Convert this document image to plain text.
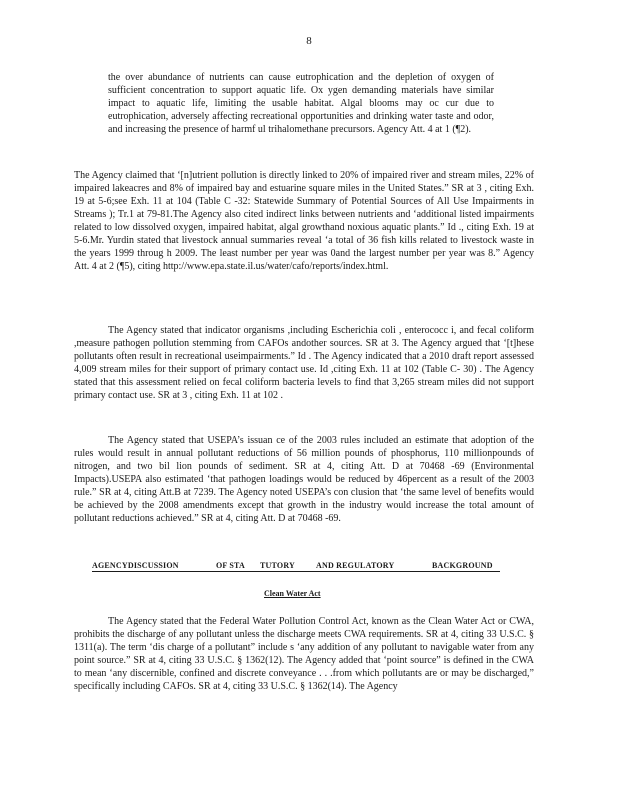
8

the over abundance of nutrients can cause eutrophication and the depletion of oxygen of sufficient concentration to support aquatic life. Ox ygen demanding materials have similar impact to aquatic life, limiting the usable habitat. Algal blooms may oc cur due to eutrophication, adversely affecting recreational opportunities and drinking water taste and odor, and increasing the presence of harmf ul trihalomethane precursors. Agency Att. 4 at 1 (¶2).

The Agency claimed that ‘[n]utrient pollution is directly linked to 20% of impaired river and stream miles, 22% of impaired lakeacres and 8% of impaired bay and estuarine square miles in the United States.” SR at 3 , citing Exh. 19 at 5-6;see Exh. 11 at 104 (Table C -32: Statewide Summary of Potential Sources of All Use Impairments in Streams ); Tr.1 at 79-81.The Agency also cited indirect links between nutrients and ‘additional listed impairments related to low dissolved oxygen, impaired habitat, algal growthand noxious aquatic plants.” Id ., citing Exh. 19 at 5-6.Mr. Yurdin stated that livestock annual summaries reveal ‘a total of 36 fish kills related to livestock waste in the years 1999 throug h 2009. The least number per year was 0and the largest number per year was 8.” Agency Att. 4 at 2 (¶5), citing http://www.epa.state.il.us/water/cafo/reports/index.html.

The Agency stated that indicator organisms ,including Escherichia coli , enterococc i, and fecal coliform ,measure pathogen pollution stemming from CAFOs andother sources. SR at 3. The Agency argued that ‘[t]hese pollutants often result in recreational useimpairments.” Id . The Agency indicated that a 2010 draft report assessed 4,009 stream miles for their support of primary contact use. Id ,citing Exh. 11 at 102 (Table C- 30) . The Agency stated that this assessment relied on fecal coliform bacteria levels to find that 3,265 stream miles did not support primary contact use. SR at 3 , citing Exh. 11 at 102 .

The Agency stated that USEPA’s issuan ce of the 2003 rules included an estimate that adoption of the rules would result in annual pollutant reductions of 56 million pounds of phosphorus, 110 millionpounds of nitrogen, and two bil lion pounds of sediment. SR at 4, citing Att. D at 70468 -69 (Environmental Impacts).USEPA also estimated ‘that pathogen loadings would be reduced by 46percent as a result of the 2003 rule.” SR at 4, citing Att.B at 7239. The Agency noted USEPA’s con clusion that ‘the same level of benefits would be achieved by the 2008 amendments except that growth in the industry would increase the total amount of pollutant reductions achieved.” SR at 4, citing Att. D at 70468 -69.

AGENCYDISCUSSION	OF STA TUTORY	AND REGULATORY	BACKGROUND
Clean Water Act

The Agency stated that the Federal Water Pollution Control Act, known as the Clean Water Act or CWA, prohibits the discharge of any pollutant unless the discharge meets CWA requirements. SR at 4, citing 33 U.S.C. § 1311(a). The term ‘dis charge of a pollutant” include s ‘any addition of any pollutant to navigable water from any point source.” SR at 4, citing 33 U.S.C. § 1362(12). The Agency added that ‘point source” is defined in the CWA to mean ‘any discernible, confined and discrete conveyance . . .from which pollutants are or may be discharged,” specifically including CAFOs. SR at 4, citing 33 U.S.C. § 1362(14). The Agency
